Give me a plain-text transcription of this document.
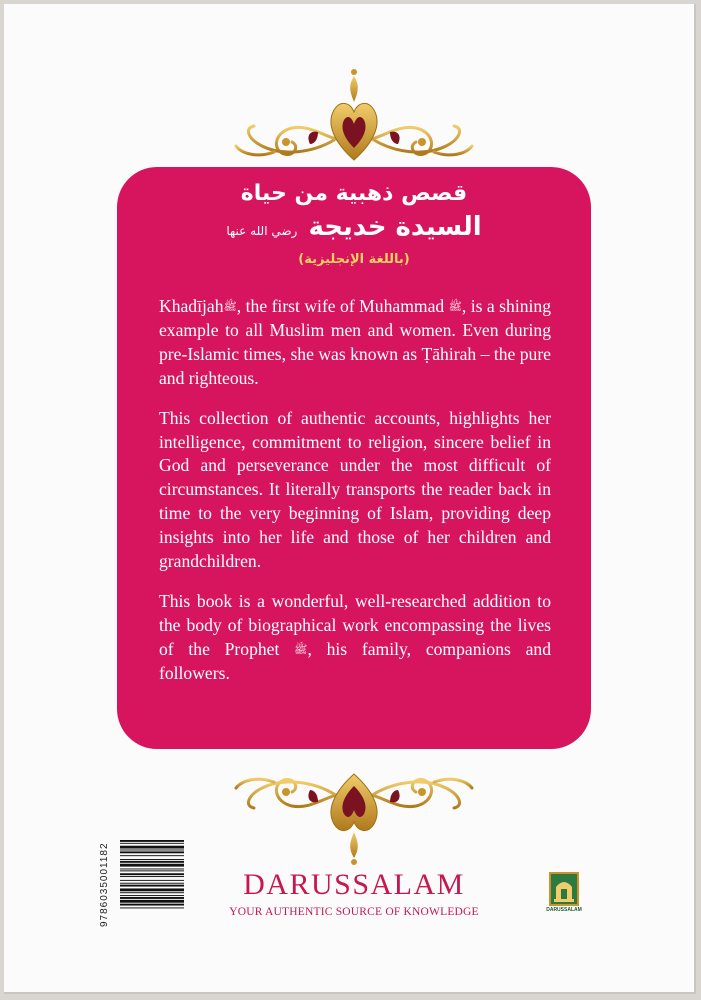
قصص ذهبية من حياة
السيدة خديجة رضي الله عنها
(باللغة الإنجليزية)

Khadījahﷺ, the first wife of Muhammad ﷺ, is a shining example to all Muslim men and women. Even during pre-Islamic times, she was known as Ṭāhirah – the pure and righteous.

This collection of authentic accounts, highlights her intelligence, commitment to religion, sincere belief in God and perseverance under the most difficult of circumstances. It literally transports the reader back in time to the very beginning of Islam, providing deep insights into her life and those of her children and grandchildren.

This book is a wonderful, well-researched addition to the body of biographical work encompassing the lives of the Prophet ﷺ, his family, companions and followers.

9786035001182	DARUSSALAM
YOUR AUTHENTIC SOURCE OF KNOWLEDGE	DARUSSALAM
